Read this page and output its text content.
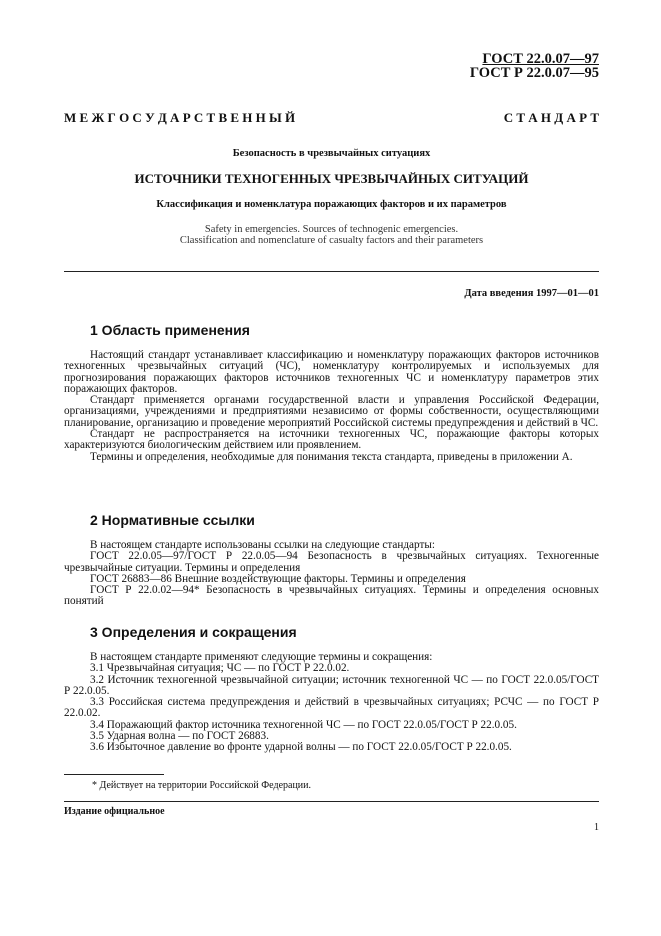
ГОСТ 22.0.07—97
ГОСТ Р 22.0.07—95
М Е Ж Г О С У Д А Р С Т В Е Н Н Ы Й	С Т А Н Д А Р Т
Безопасность в чрезвычайных ситуациях
ИСТОЧНИКИ ТЕХНОГЕННЫХ ЧРЕЗВЫЧАЙНЫХ СИТУАЦИЙ
Классификация и номенклатура поражающих факторов и их параметров
Safety in emergencies. Sources of technogenic emergencies.
Classification and nomenclature of casualty factors and their parameters
Дата введения 1997—01—01
1 Область применения

Настоящий стандарт устанавливает классификацию и номенклатуру поражающих факторов источников техногенных чрезвычайных ситуаций (ЧС), номенклатуру контролируемых и используемых для прогнозирования поражающих факторов источников техногенных ЧС и номенклатуру параметров этих поражающих факторов.

Стандарт применяется органами государственной власти и управления Российской Федерации, организациями, учреждениями и предприятиями независимо от формы собственности, осуществляющими планирование, организацию и проведение мероприятий Российской системы предупреждения и действий в ЧС.

Стандарт не распространяется на источники техногенных ЧС, поражающие факторы которых характеризуются биологическим действием или проявлением.

Термины и определения, необходимые для понимания текста стандарта, приведены в приложении А.

2 Нормативные ссылки

В настоящем стандарте использованы ссылки на следующие стандарты:

ГОСТ 22.0.05—97/ГОСТ Р 22.0.05—94 Безопасность в чрезвычайных ситуациях. Техногенные чрезвычайные ситуации. Термины и определения

ГОСТ 26883—86 Внешние воздействующие факторы. Термины и определения

ГОСТ Р 22.0.02—94* Безопасность в чрезвычайных ситуациях. Термины и определения основных понятий

3 Определения и сокращения

В настоящем стандарте применяют следующие термины и сокращения:

3.1 Чрезвычайная ситуация; ЧС — по ГОСТ Р 22.0.02.

3.2 Источник техногенной чрезвычайной ситуации; источник техногенной ЧС — по ГОСТ 22.0.05/ГОСТ Р 22.0.05.

3.3 Российская система предупреждения и действий в чрезвычайных ситуациях; РСЧС — по ГОСТ Р 22.0.02.

3.4 Поражающий фактор источника техногенной ЧС — по ГОСТ 22.0.05/ГОСТ Р 22.0.05.

3.5 Ударная волна — по ГОСТ 26883.

3.6 Избыточное давление во фронте ударной волны — по ГОСТ 22.0.05/ГОСТ Р 22.0.05.

* Действует на территории Российской Федерации.
Издание официальное
1
